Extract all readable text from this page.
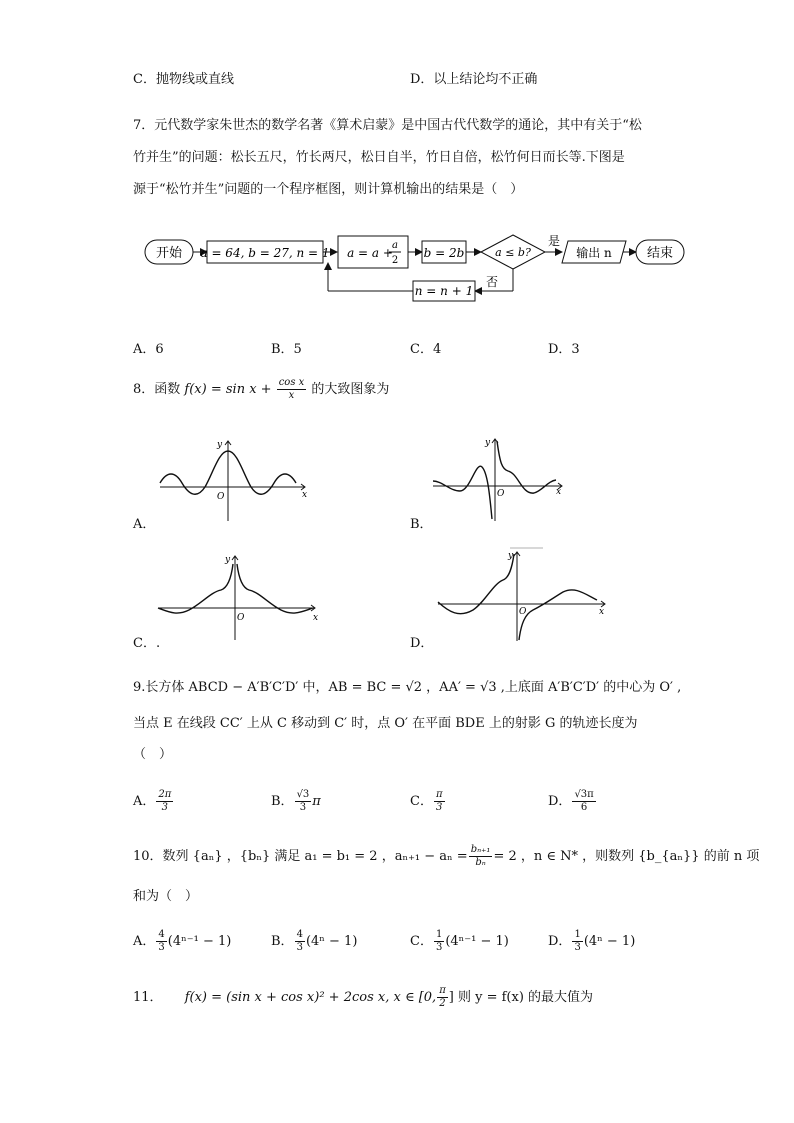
C．抛物线或直线	D．以上结论均不正确
7．元代数学家朱世杰的数学名著《算术启蒙》是中国古代代数学的通论，其中有关于“松
竹并生”的问题：松长五尺，竹长两尺，松日自半，竹日自倍，松竹何日而长等.下图是
源于“松竹并生”问题的一个程序框图，则计算机输出的结果是（　）
开始 a = 64, b = 27, n = 1 a = a +
a
2
b = 2b	a ≤ b?
是
输出 n	结束
否
n = n + 1
A．6	B．5	C．4	D．3
8．函数 $f(x) = \sin x + \frac{\text{cos x}}{x}$ 的大致图象为
O
y
x
A．
O
y
x
B．
O
y
x
C．.
O
y
x
D．
9.长方体 ABCD − A′B′C′D′ 中，AB = BC = √2 ，AA′ = √3 ,上底面 A′B′C′D′ 的中心为 O′ ,
当点 E 在线段 CC′ 上从 C 移动到 C′ 时，点 O′ 在平面 BDE 上的射影 G 的轨迹长度为
（　）
A． $\frac{2\pi}{3}$	B． $\frac{√3}{3}$ π	C． $\frac{\pi}{3}$	D． $\frac{√3\pi}{6}$
10．数列 {aₙ} ，{bₙ} 满足 a₁ = b₁ = 2 ，$a_{n+1} - a_n = \frac{\text{bₙ₊₁}}{\text{bₙ}} = 2$ ，n ∈ N* ，则数列 {b_{aₙ}} 的前 n 项
和为（　）
A． $\frac{4}{3} (4^{n-1} - 1)$	B． $\frac{4}{3} (4^n - 1)$	C． $\frac{1}{3} (4^{n-1} - 1)$	D． $\frac{1}{3} (4^n - 1)$
11． f(x) = (sin x + cos x)² + 2cos x, x ∈ [0, $\frac{\pi}{2}$ ] 则 y = f(x) 的最大值为
